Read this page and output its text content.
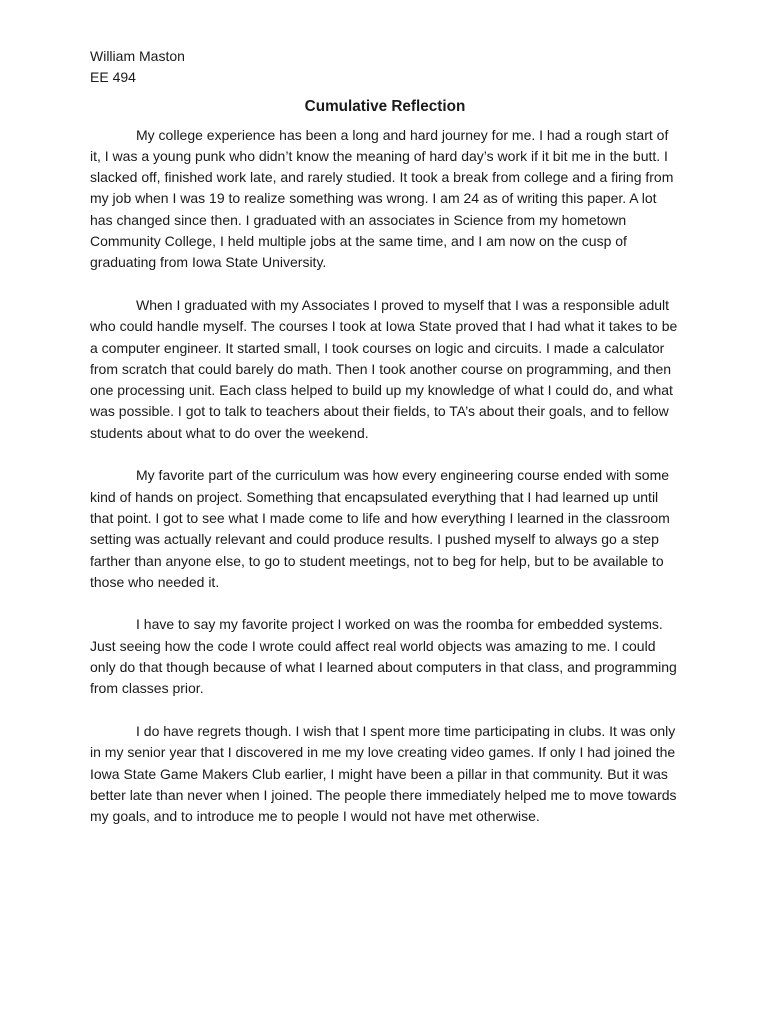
William Maston

EE 494

Cumulative Reflection

My college experience has been a long and hard journey for me. I had a rough start of it, I was a young punk who didn’t know the meaning of hard day’s work if it bit me in the butt. I slacked off, finished work late, and rarely studied. It took a break from college and a firing from my job when I was 19 to realize something was wrong. I am 24 as of writing this paper. A lot has changed since then. I graduated with an associates in Science from my hometown Community College, I held multiple jobs at the same time, and I am now on the cusp of graduating from Iowa State University.

When I graduated with my Associates I proved to myself that I was a responsible adult who could handle myself. The courses I took at Iowa State proved that I had what it takes to be a computer engineer. It started small, I took courses on logic and circuits. I made a calculator from scratch that could barely do math. Then I took another course on programming, and then one processing unit. Each class helped to build up my knowledge of what I could do, and what was possible. I got to talk to teachers about their fields, to TA’s about their goals, and to fellow students about what to do over the weekend.

My favorite part of the curriculum was how every engineering course ended with some kind of hands on project. Something that encapsulated everything that I had learned up until that point. I got to see what I made come to life and how everything I learned in the classroom setting was actually relevant and could produce results. I pushed myself to always go a step farther than anyone else, to go to student meetings, not to beg for help, but to be available to those who needed it.

I have to say my favorite project I worked on was the roomba for embedded systems. Just seeing how the code I wrote could affect real world objects was amazing to me. I could only do that though because of what I learned about computers in that class, and programming from classes prior.

I do have regrets though. I wish that I spent more time participating in clubs. It was only in my senior year that I discovered in me my love creating video games. If only I had joined the Iowa State Game Makers Club earlier, I might have been a pillar in that community. But it was better late than never when I joined. The people there immediately helped me to move towards my goals, and to introduce me to people I would not have met otherwise.
